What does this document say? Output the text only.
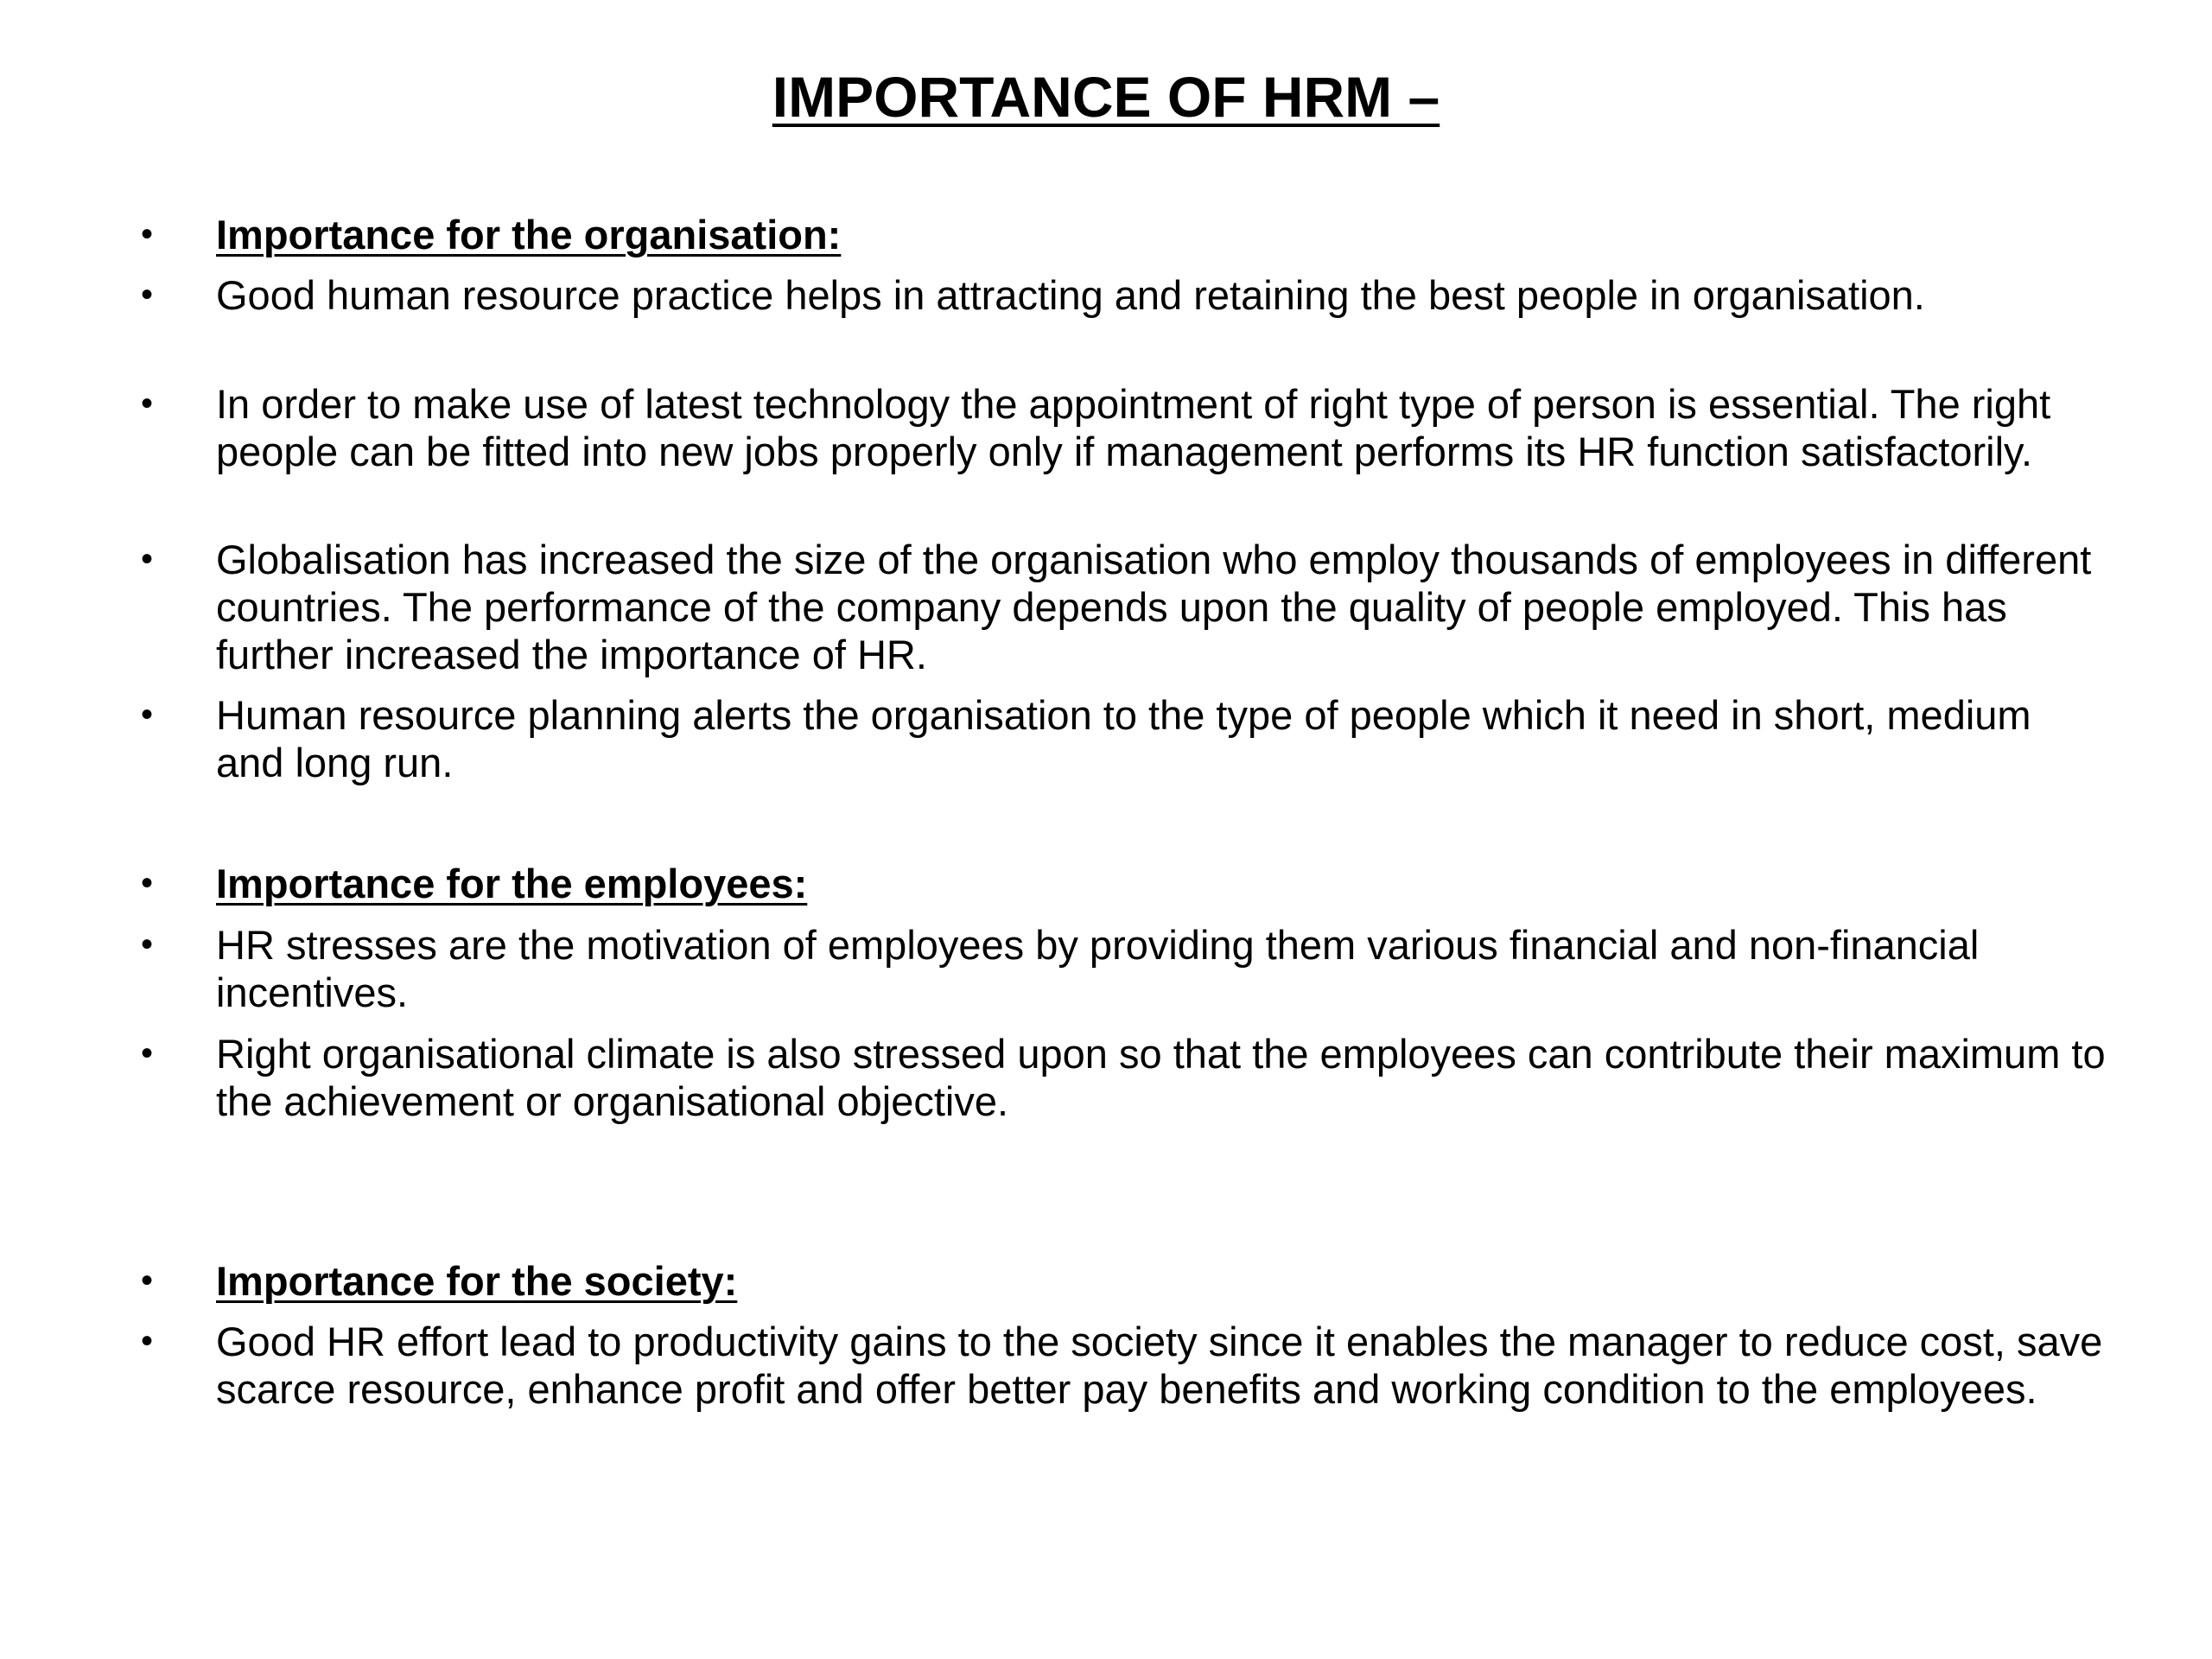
IMPORTANCE OF HRM –
• Importance for the organisation:
• Good human resource practice helps in attracting and retaining the best people in organisation.
• In order to make use of latest technology the appointment of right type of person is essential. The right people can be fitted into new jobs properly only if management performs its HR function satisfactorily.
• Globalisation has increased the size of the organisation who employ thousands of employees in different countries. The performance of the company depends upon the quality of people employed. This has further increased the importance of HR.
• Human resource planning alerts the organisation to the type of people which it need in short, medium and long run.
• Importance for the employees:
• HR stresses are the motivation of employees by providing them various financial and non-financial incentives.
• Right organisational climate is also stressed upon so that the employees can contribute their maximum to the achievement or organisational objective.
• Importance for the society:
• Good HR effort lead to productivity gains to the society since it enables the manager to reduce cost, save scarce resource, enhance profit and offer better pay benefits and working condition to the employees.
